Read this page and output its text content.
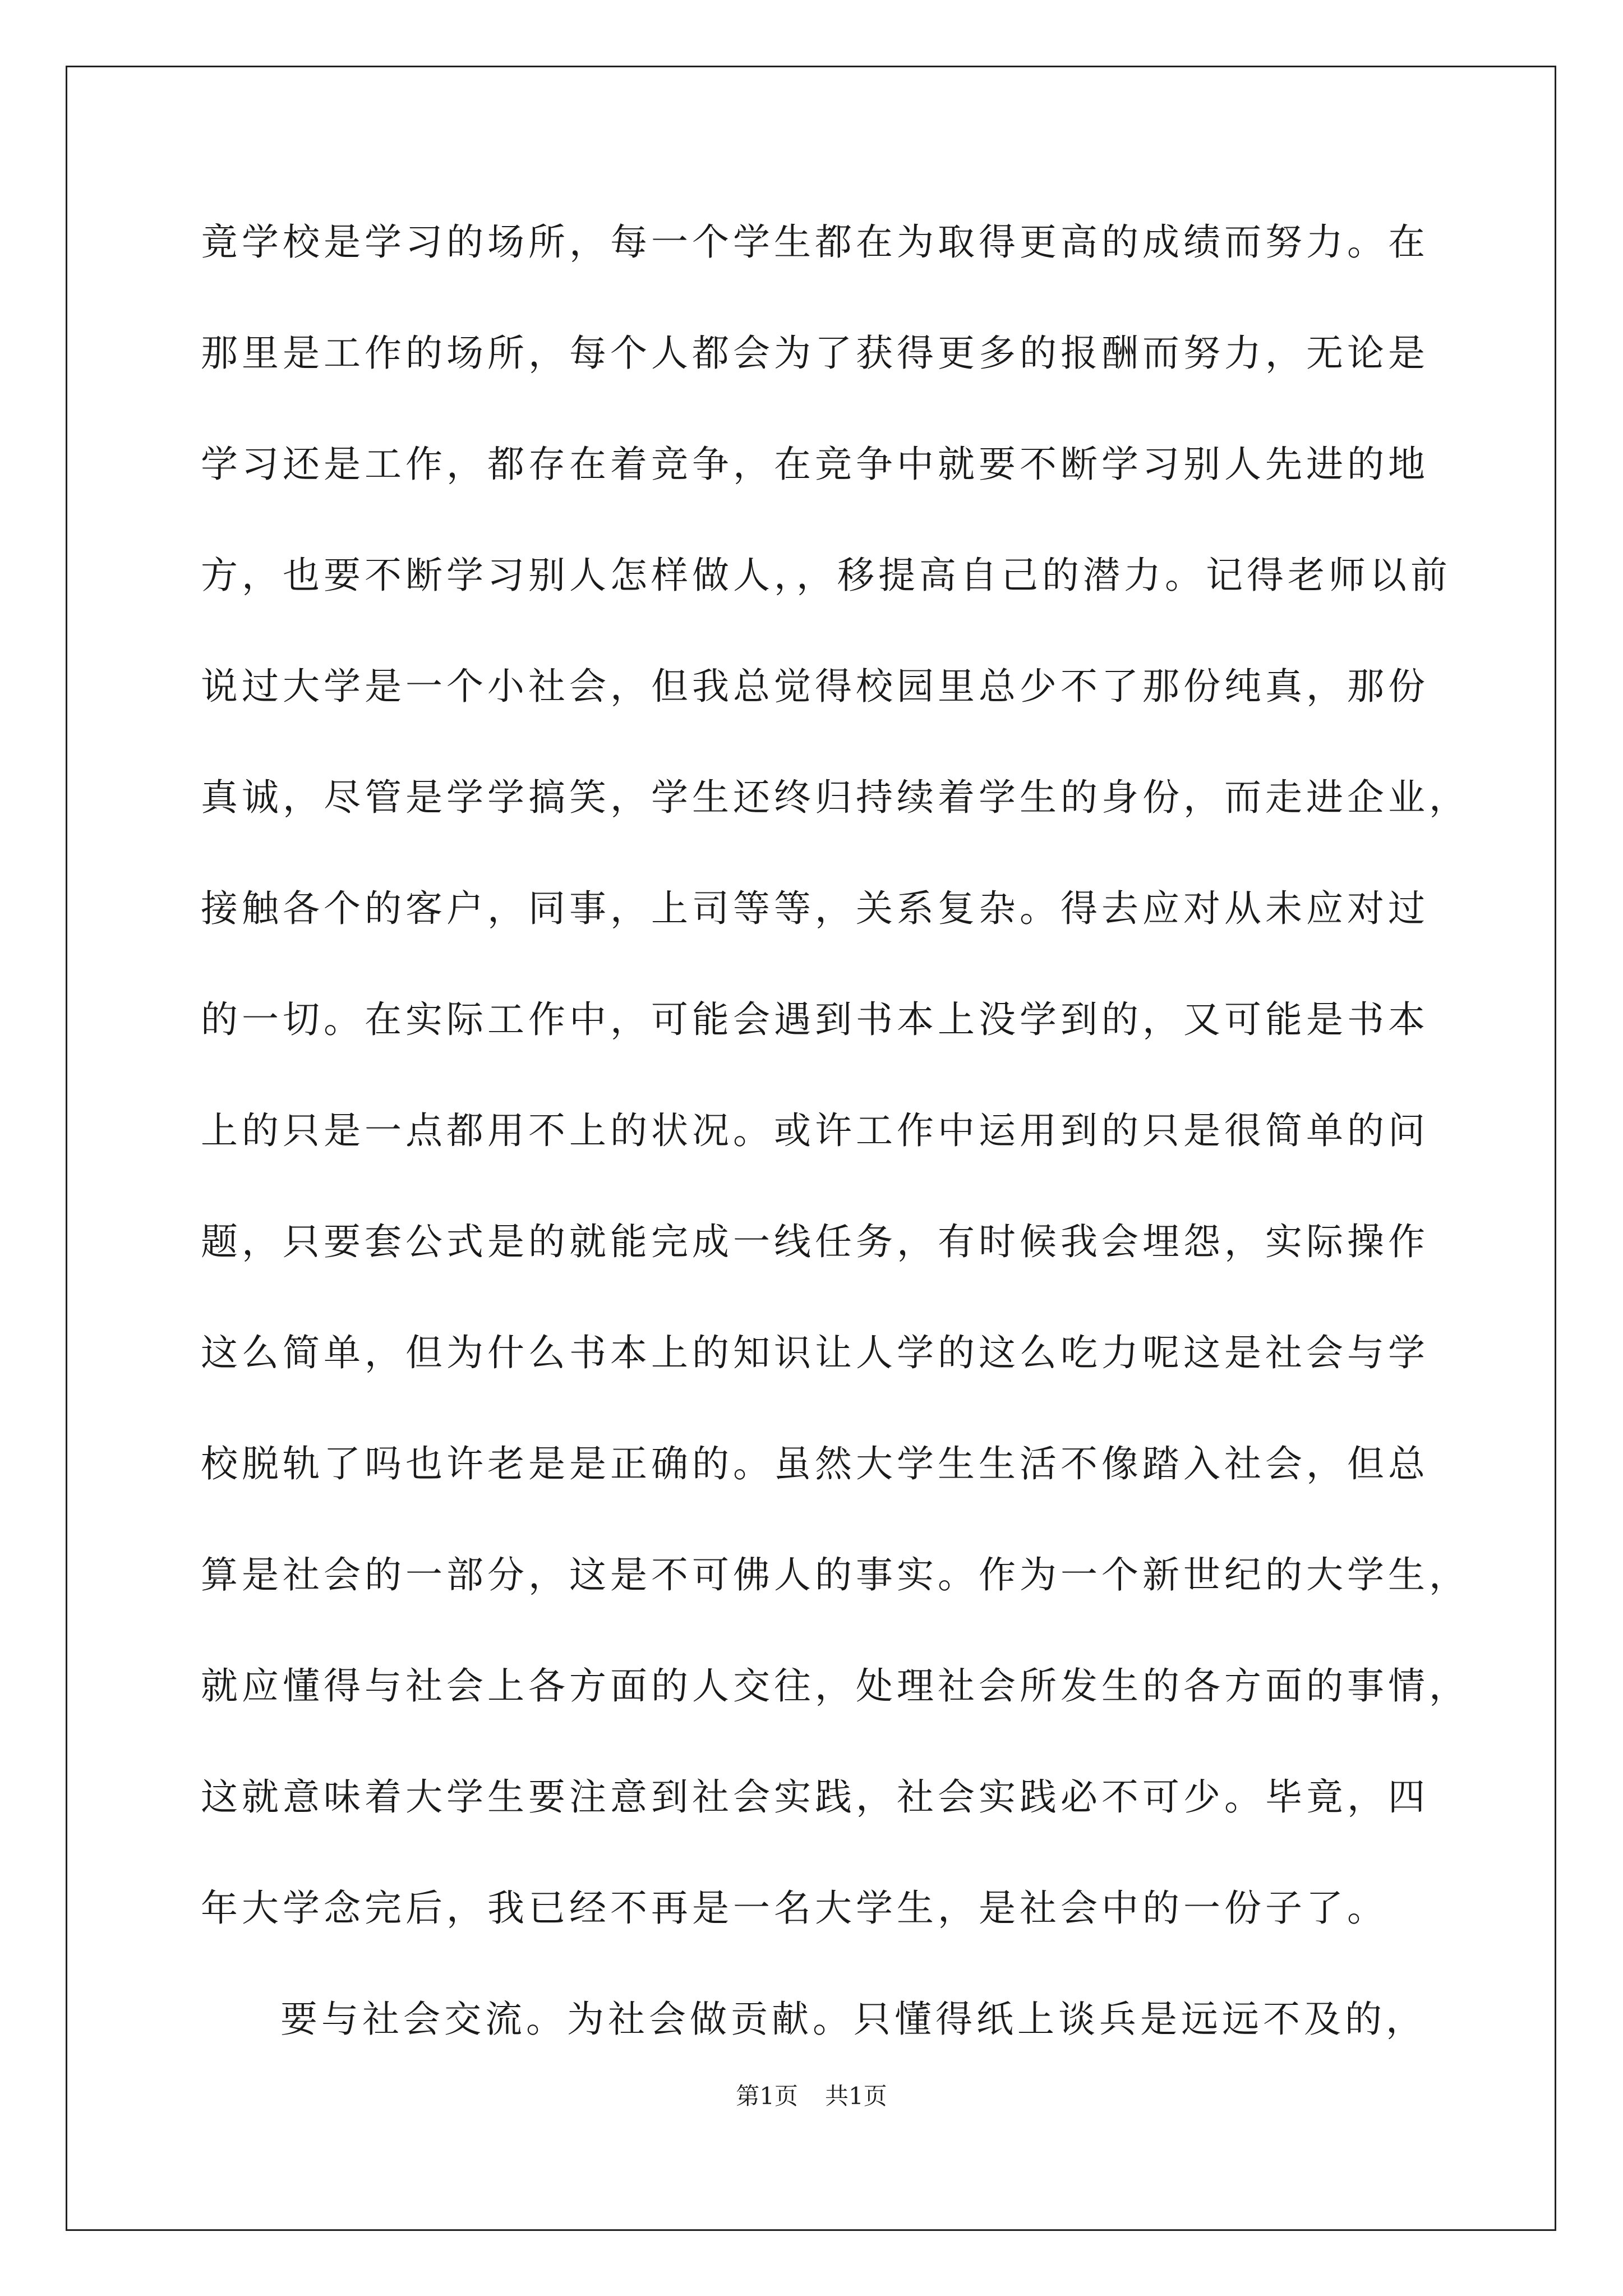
竟学校是学习的场所，每一个学生都在为取得更高的成绩而努力。在
那里是工作的场所，每个人都会为了获得更多的报酬而努力，无论是
学习还是工作，都存在着竞争，在竞争中就要不断学习别人先进的地
方，也要不断学习别人怎样做人，，移提高自己的潜力。记得老师以前
说过大学是一个小社会，但我总觉得校园里总少不了那份纯真，那份
真诚，尽管是学学搞笑，学生还终归持续着学生的身份，而走进企业，
接触各个的客户，同事，上司等等，关系复杂。得去应对从未应对过
的一切。在实际工作中，可能会遇到书本上没学到的，又可能是书本
上的只是一点都用不上的状况。或许工作中运用到的只是很简单的问
题，只要套公式是的就能完成一线任务，有时候我会埋怨，实际操作
这么简单，但为什么书本上的知识让人学的这么吃力呢这是社会与学
校脱轨了吗也许老是是正确的。虽然大学生生活不像踏入社会，但总
算是社会的一部分，这是不可佛人的事实。作为一个新世纪的大学生，
就应懂得与社会上各方面的人交往，处理社会所发生的各方面的事情，
这就意味着大学生要注意到社会实践，社会实践必不可少。毕竟，四
年大学念完后，我已经不再是一名大学生，是社会中的一份子了。
要与社会交流。为社会做贡献。只懂得纸上谈兵是远远不及的，
第1页 共1页
